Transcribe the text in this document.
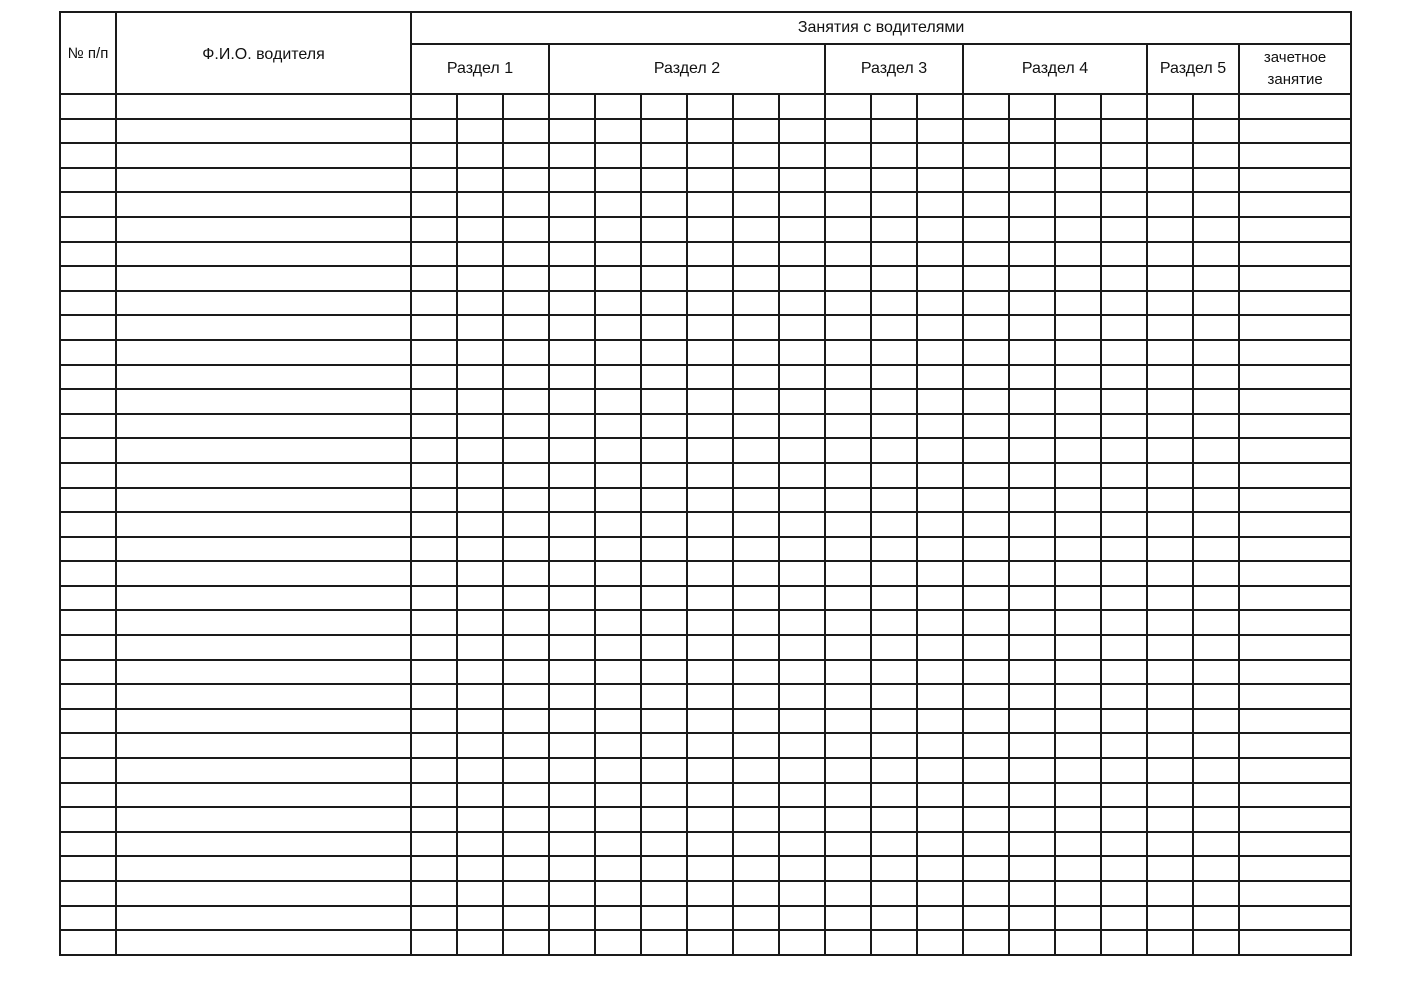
№ п/п	Ф.И.О. водителя	Занятия с водителями																		
		Раздел 1			Раздел 2						Раздел 3			Раздел 4				Раздел 5		зачетное занятие
